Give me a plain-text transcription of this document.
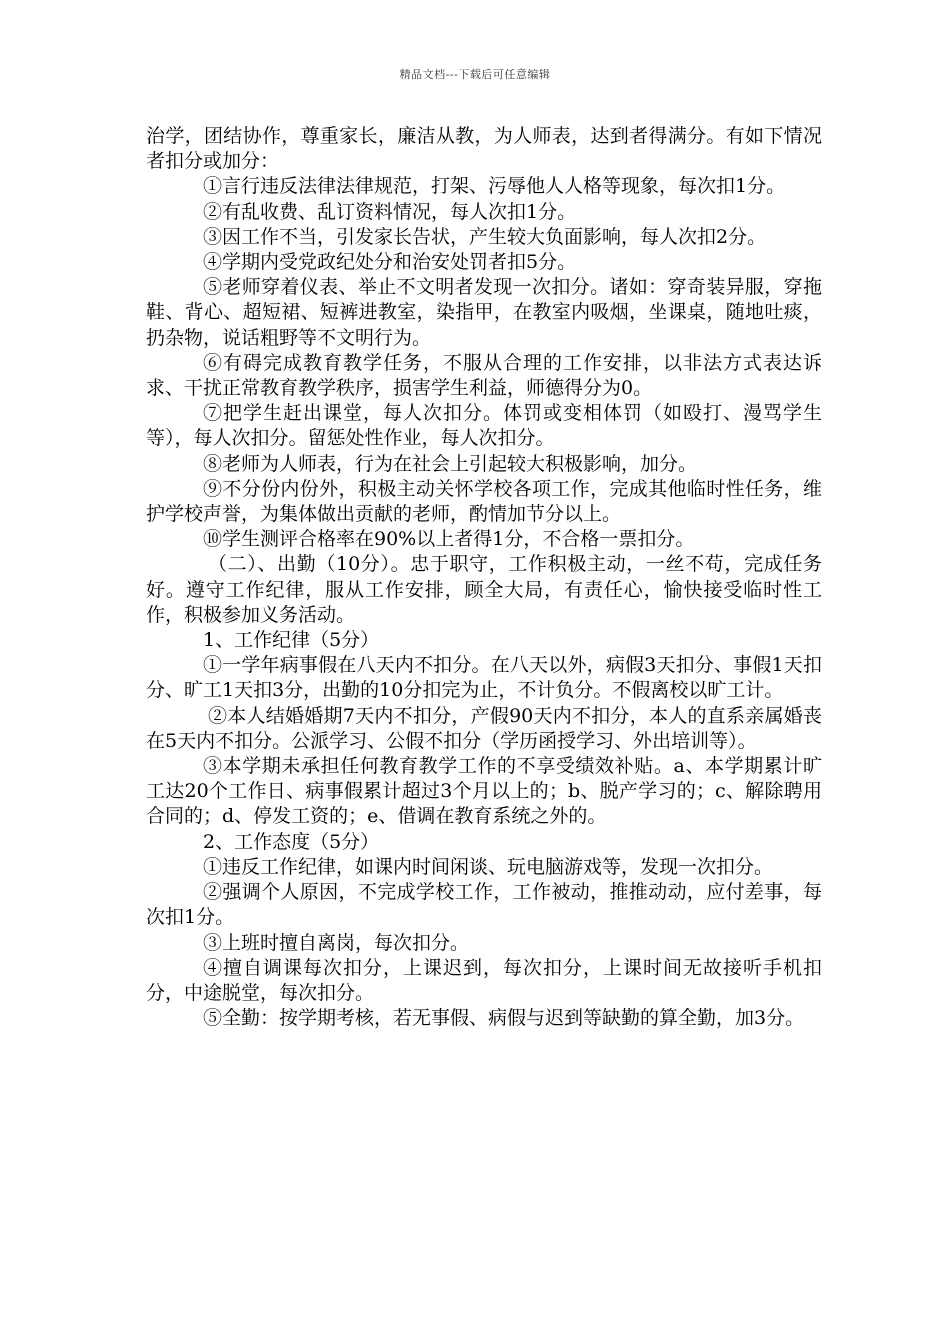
精品文档---下载后可任意编辑

治学，团结协作，尊重家长，廉洁从教，为人师表，达到者得满分。有如下情况者扣分或加分：

①言行违反法律法律规范，打架、污辱他人人格等现象，每次扣1分。

②有乱收费、乱订资料情况，每人次扣1分。

③因工作不当，引发家长告状，产生较大负面影响，每人次扣2分。

④学期内受党政纪处分和治安处罚者扣5分。

⑤老师穿着仪表、举止不文明者发现一次扣分。诸如：穿奇装异服，穿拖鞋、背心、超短裙、短裤进教室，染指甲，在教室内吸烟，坐课桌，随地吐痰，扔杂物，说话粗野等不文明行为。

⑥有碍完成教育教学任务，不服从合理的工作安排，以非法方式表达诉求、干扰正常教育教学秩序，损害学生利益，师德得分为0。

⑦把学生赶出课堂，每人次扣分。体罚或变相体罚（如殴打、漫骂学生等），每人次扣分。留惩处性作业，每人次扣分。

⑧老师为人师表，行为在社会上引起较大积极影响，加分。

⑨不分份内份外，积极主动关怀学校各项工作，完成其他临时性任务，维护学校声誉，为集体做出贡献的老师，酌情加节分以上。

⑩学生测评合格率在90%以上者得1分，不合格一票扣分。

（二）、出勤（10分）。忠于职守，工作积极主动，一丝不苟，完成任务好。遵守工作纪律，服从工作安排，顾全大局，有责任心，愉快接受临时性工作，积极参加义务活动。

1、工作纪律（5分）

①一学年病事假在八天内不扣分。在八天以外，病假3天扣分、事假1天扣分、旷工1天扣3分，出勤的10分扣完为止，不计负分。不假离校以旷工计。

②本人结婚婚期7天内不扣分，产假90天内不扣分，本人的直系亲属婚丧在5天内不扣分。公派学习、公假不扣分（学历函授学习、外出培训等）。

③本学期未承担任何教育教学工作的不享受绩效补贴。a、本学期累计旷工达20个工作日、病事假累计超过3个月以上的；b、脱产学习的；c、解除聘用合同的；d、停发工资的；e、借调在教育系统之外的。

2、工作态度（5分）

①违反工作纪律，如课内时间闲谈、玩电脑游戏等，发现一次扣分。

②强调个人原因，不完成学校工作，工作被动，推推动动，应付差事，每次扣1分。

③上班时擅自离岗，每次扣分。

④擅自调课每次扣分，上课迟到，每次扣分，上课时间无故接听手机扣分，中途脱堂，每次扣分。

⑤全勤：按学期考核，若无事假、病假与迟到等缺勤的算全勤，加3分。
